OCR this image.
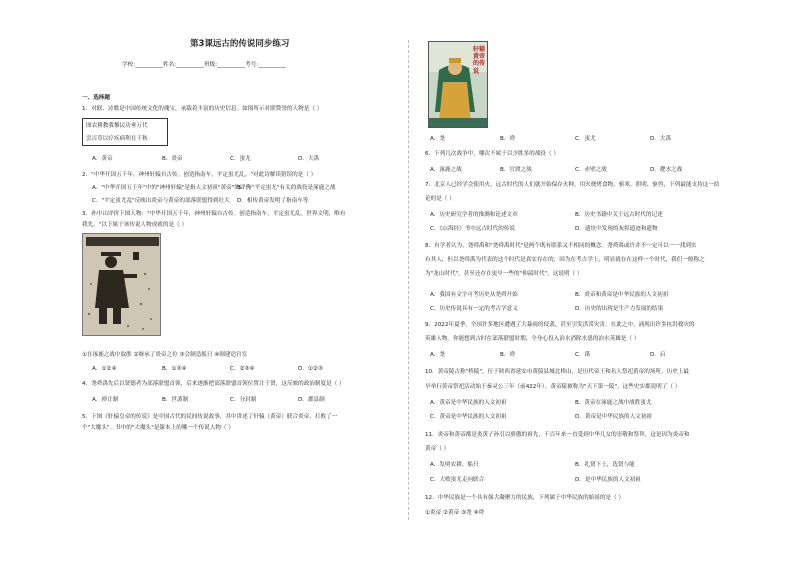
第3课远古的传说同步练习
学校:__________姓名:__________班级:__________考号:__________
一、选择题
1．对联、诗歌是中国传统文化的瑰宝，承载着丰富的历史信息。如图所示对联赞誉的人物是（ ）
图农耕教我黎民功垂万代
尝百草以疗疾病利在千秋
A．黄帝	B．炎帝	C．蚩尤	D．大禹
2．"中华开国五千年，神州轩辕自古传。创造指南车，平定蚩尤乱。"对此诗解读错误的是（ ）
A．"中华开国五千年"中的"神州轩辕"是指人文初祖"黄帝"的评价
B．与"平定蚩尤"有关的战役是涿鹿之战
C．"平定蚩尤乱"反映出炎帝与黄帝的部落联盟得到壮大 D．相传黄帝发明了指南车等
3．孙中山评价下图人物："中华开国五千年，神州轩辕自古传。创造指南车，平定蚩尤乱。世界文明，唯有
我先。"以下属于该传说人物成就的是（ ）
①在涿鹿之战中取胜 ②继承了炎帝之位 ③会制造船只 ④制建造宫室
A．①②④	B．①③④	C．②③④	D．①②③
4．尧舜禹先后以贤德者为部落联盟首领，后来逐渐把部落联盟首领位置让于贤，这反映的政治制度是（ ）
A．禅让制	B．世袭制	C．分封制	D．郡县制
5．下图《轩辕皇帝的传说》是中国古代的民间传说故事，其中讲述了轩辕（黄帝）联合炎帝，打败了一
个"大魔头"。书中的"大魔头"是课本上的哪一个传说人物（ ）
轩辕黄帝的传说
A．尧	B．舜	C．蚩尤	D．大禹
6．下列几次战争中，哪次不属于以少胜多的战役（ ）
A．涿鹿之战	B．官渡之战	C．赤壁之战	D．淝水之战
7．北京人已经学会使用火，远古时代的人们就开始保存火种，用火烧烤食物，驱寒、照明、驱兽，下列最能支持这一结
论的是（ ）
A．历史研究学者的推测和论述文章	B．历史书籍中关于远古时代的记述
C．《山海经》书中远古时代的传说	D．遗址中发现的灰烬遗迹和遗物
8．有学者认为，尧舜禹和"尧舜禹时代"是两个既有联系又不相同的概念。尧舜禹或许并不一定可以一一找到实
有其人，但以尧舜禹为代表的这个时代是真实存在的，因为在考古学上，明显就存在这样一个时代，我们一般称之
为"龙山时代"，甚至还存在更早一些的"仰韶时代"。这说明（ ）
A．我国有文字可考历史从尧舜开始	B．炎帝和黄帝是中华民族的人文初祖
C．历史传说具有一定的考古学意义	D．历史的出现是生产力发展的结果
9．2022年夏季，全国许多地区遭遇了大暴雨的侵袭，甚至引发洪涝灾害。在此之中，涌现出许多抗洪救灾的
英雄人物。你能想到古时在部落联盟时期，全身心投入治水消除水患的治水英雄是（ ）
A．尧	B．舜	C．禹	D．启
10．黄帝陵古称"桥陵"，位于陕西省延安市黄陵县城北桥山，是历代帝王和名人祭祀黄帝的场所。历史上最
早举行黄帝祭祀活动始于秦灵公三年（前422年）。黄帝陵被称为"天下第一陵"。这些史实都说明了（ ）
A．黄帝是中华民族的人文初祖	B．黄帝在涿鹿之战中战胜蚩尤
C．黄帝是中华民族的人文初祖	D．黄帝是中华民族的人文初祖
11．炎帝和黄帝都是炎黄子孙引以骄傲的祖先，千百年来一直受到中华儿女的崇敬和祭拜，这是因为炎帝和
黄帝（ ）
A．发明农耕、船只	B．礼贤下士，选贤与能
C．大败蚩尤走向联合	D．是中华民族的人文初祖
12．中华民族是一个具有强大凝聚力的民族，下列属于中华民族的始祖的是（ ）
①炎帝 ②黄帝 ③尧 ④舜
